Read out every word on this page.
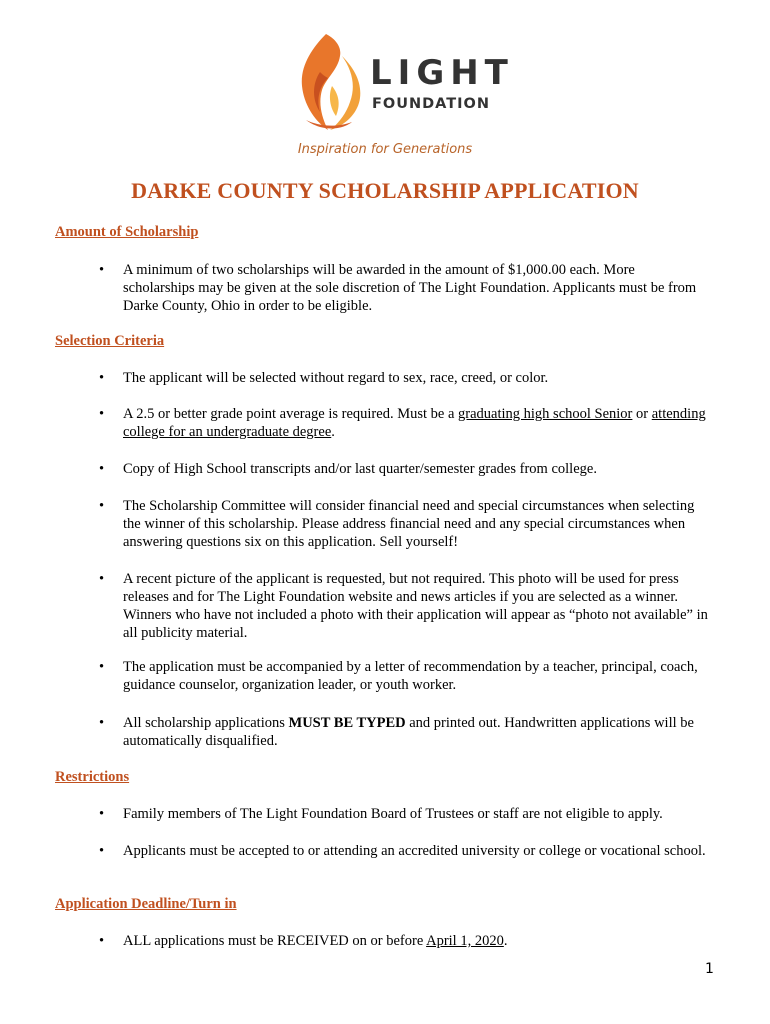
LIGHT
FOUNDATION
Inspiration for Generations
DARKE COUNTY SCHOLARSHIP APPLICATION
Amount of Scholarship
• A minimum of two scholarships will be awarded in the amount of $1,000.00 each. More scholarships may be given at the sole discretion of The Light Foundation. Applicants must be from Darke County, Ohio in order to be eligible.

Selection Criteria
• The applicant will be selected without regard to sex, race, creed, or color.

• A 2.5 or better grade point average is required. Must be a graduating high school Senior or attending college for an undergraduate degree.

• Copy of High School transcripts and/or last quarter/semester grades from college.

• The Scholarship Committee will consider financial need and special circumstances when selecting the winner of this scholarship. Please address financial need and any special circumstances when answering questions six on this application. Sell yourself!

• A recent picture of the applicant is requested, but not required. This photo will be used for press releases and for The Light Foundation website and news articles if you are selected as a winner. Winners who have not included a photo with their application will appear as “photo not available” in all publicity material.

• The application must be accompanied by a letter of recommendation by a teacher, principal, coach, guidance counselor, organization leader, or youth worker.

• All scholarship applications MUST BE TYPED and printed out. Handwritten applications will be automatically disqualified.

Restrictions
• Family members of The Light Foundation Board of Trustees or staff are not eligible to apply.

• Applicants must be accepted to or attending an accredited university or college or vocational school.

Application Deadline/Turn in
• ALL applications must be RECEIVED on or before April 1, 2020.

1
